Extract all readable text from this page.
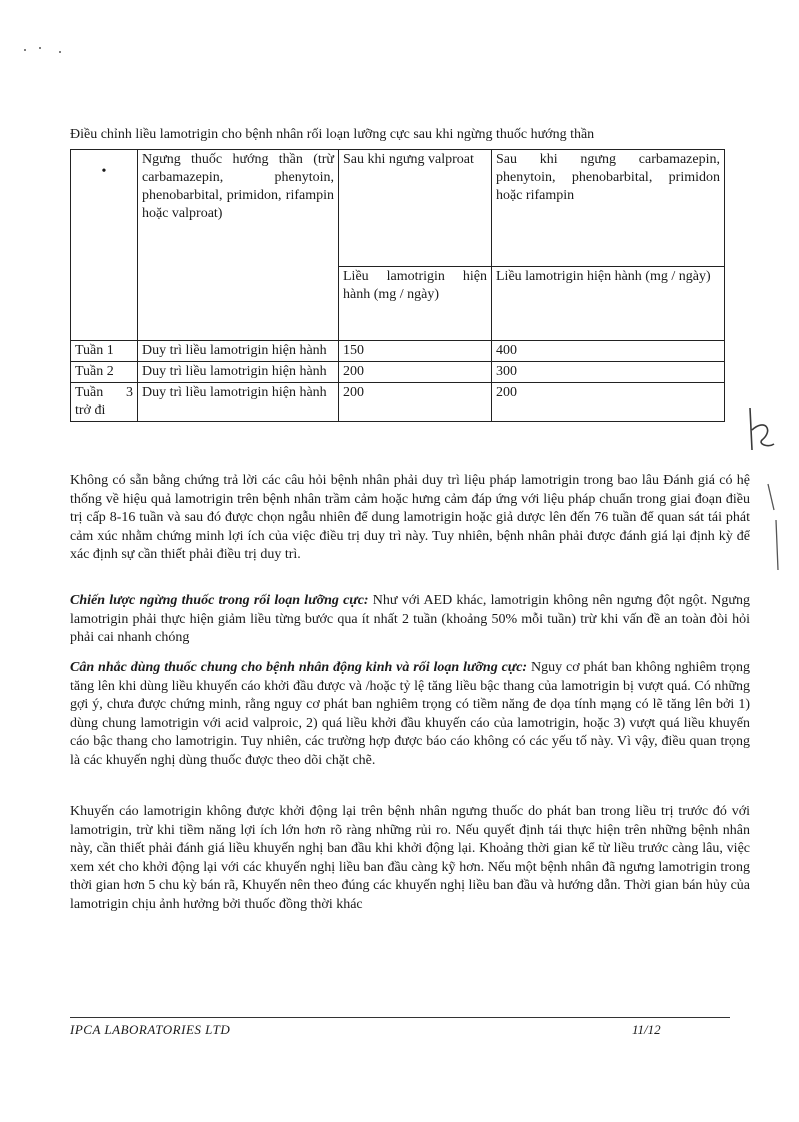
Điều chỉnh liều lamotrigin cho bệnh nhân rối loạn lưỡng cực sau khi ngừng thuốc hướng thần
•	Ngưng thuốc hướng thần (trừ carbamazepin, phenytoin, phenobarbital, primidon, rifampin hoặc valproat)	Sau khi ngưng valproat	Sau khi ngưng carbamazepin, phenytoin, phenobarbital, primidon hoặc rifampin
		Liều lamotrigin hiện hành (mg / ngày)	Liều lamotrigin hiện hành (mg / ngày)
Tuần 1	Duy trì liều lamotrigin hiện hành	150	400
Tuần 2	Duy trì liều lamotrigin hiện hành	200	300
Tuần 3 trở đi	Duy trì liều lamotrigin hiện hành	200	200

Không có sẵn bằng chứng trả lời các câu hỏi bệnh nhân phải duy trì liệu pháp lamotrigin trong bao lâu Đánh giá có hệ thống về hiệu quả lamotrigin trên bệnh nhân trầm cảm hoặc hưng cảm đáp ứng với liệu pháp chuẩn trong giai đoạn điều trị cấp 8-16 tuần và sau đó được chọn ngẫu nhiên để dung lamotrigin hoặc giả dược lên đến 76 tuần để quan sát tái phát cảm xúc nhằm chứng minh lợi ích của việc điều trị duy trì này. Tuy nhiên, bệnh nhân phải được đánh giá lại định kỳ để xác định sự cần thiết phải điều trị duy trì.

Chiến lược ngừng thuốc trong rối loạn lưỡng cực: Như với AED khác, lamotrigin không nên ngưng đột ngột. Ngưng lamotrigin phải thực hiện giảm liều từng bước qua ít nhất 2 tuần (khoảng 50% mỗi tuần) trừ khi vấn đề an toàn đòi hỏi phải cai nhanh chóng

Cân nhắc dùng thuốc chung cho bệnh nhân động kinh và rối loạn lưỡng cực: Nguy cơ phát ban không nghiêm trọng tăng lên khi dùng liều khuyến cáo khởi đầu được và /hoặc tỷ lệ tăng liều bậc thang của lamotrigin bị vượt quá. Có những gợi ý, chưa được chứng minh, rằng nguy cơ phát ban nghiêm trọng có tiềm năng đe dọa tính mạng có lẽ tăng lên bởi 1) dùng chung lamotrigin với acid valproic, 2) quá liều khởi đầu khuyến cáo của lamotrigin, hoặc 3) vượt quá liều khuyến cáo bậc thang cho lamotrigin. Tuy nhiên, các trường hợp được báo cáo không có các yếu tố này. Vì vậy, điều quan trọng là các khuyến nghị dùng thuốc được theo dõi chặt chẽ.

Khuyến cáo lamotrigin không được khởi động lại trên bệnh nhân ngưng thuốc do phát ban trong liều trị trước đó với lamotrigin, trừ khi tiềm năng lợi ích lớn hơn rõ ràng những rủi ro. Nếu quyết định tái thực hiện trên những bệnh nhân này, cần thiết phải đánh giá liều khuyến nghị ban đầu khi khởi động lại. Khoảng thời gian kể từ liều trước càng lâu, việc xem xét cho khởi động lại với các khuyến nghị liều ban đầu càng kỹ hơn. Nếu một bệnh nhân đã ngưng lamotrigin trong thời gian hơn 5 chu kỳ bán rã, Khuyến nên theo đúng các khuyến nghị liều ban đầu và hướng dẫn. Thời gian bán hủy của lamotrigin chịu ảnh hưởng bởi thuốc đồng thời khác

IPCA LABORATORIES LTD	11/12
